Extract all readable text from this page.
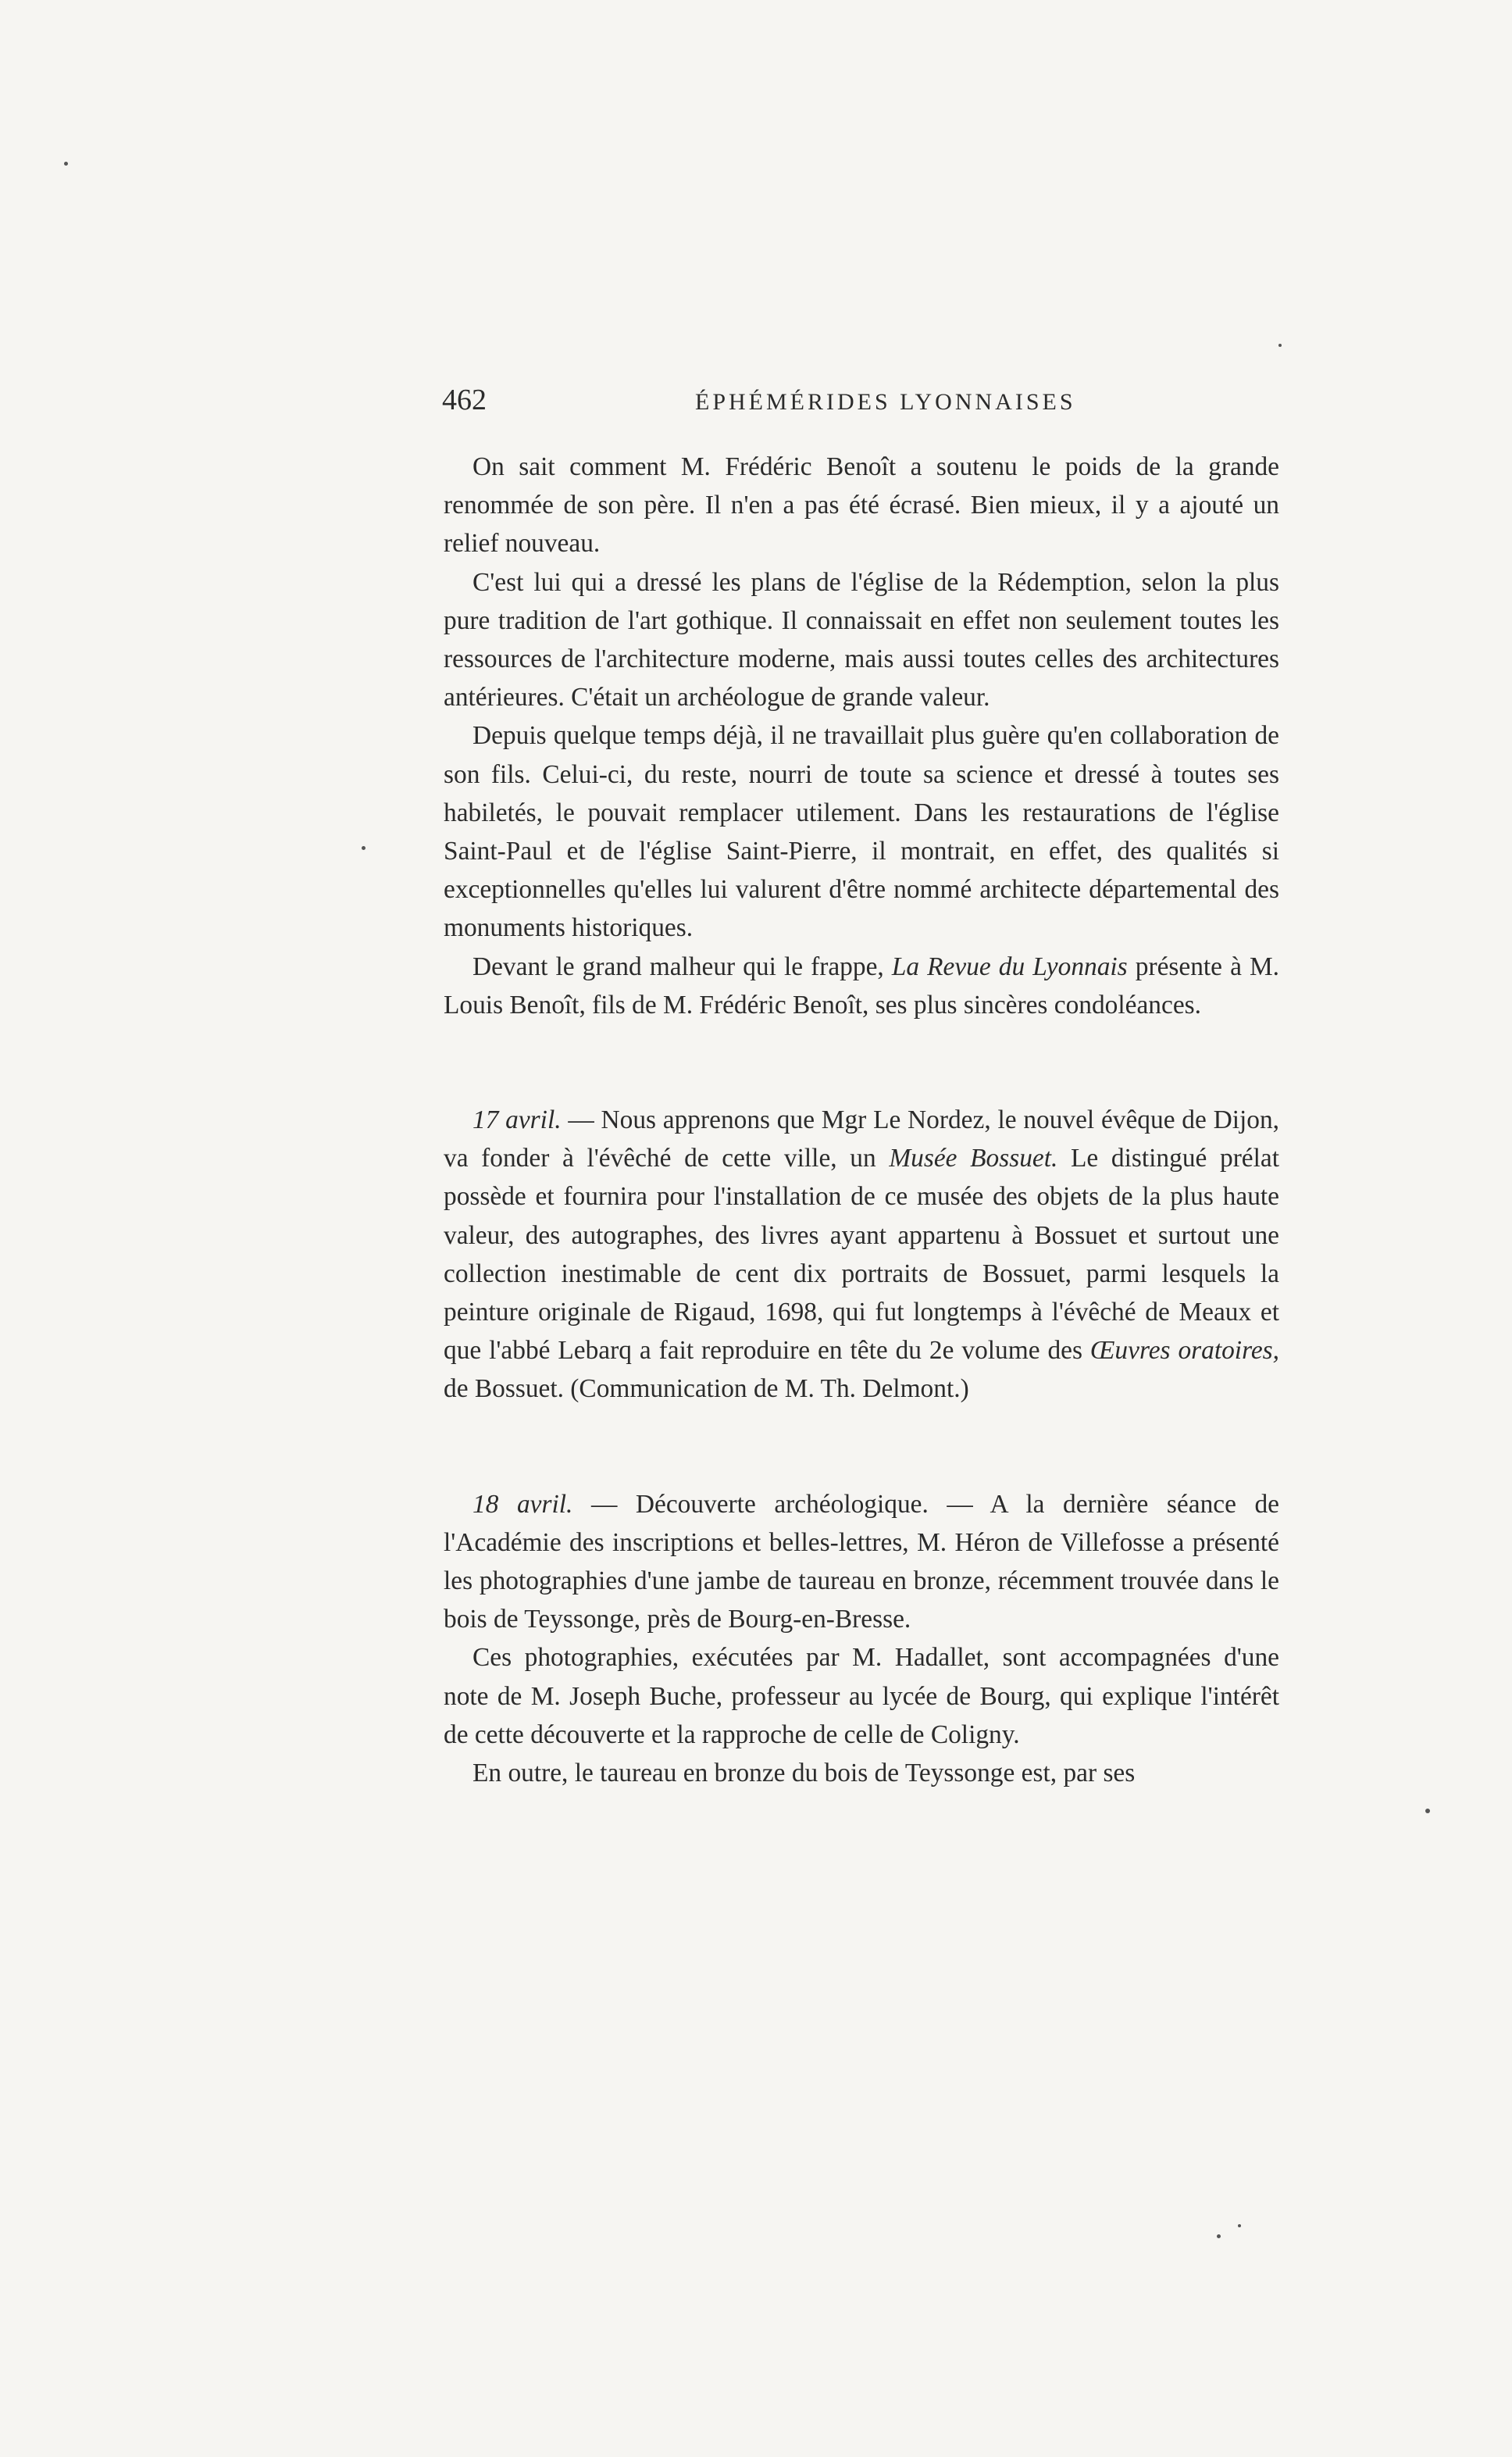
462	ÉPHÉMÉRIDES LYONNAISES

On sait comment M. Frédéric Benoît a soutenu le poids de la grande renommée de son père. Il n'en a pas été écrasé. Bien mieux, il y a ajouté un relief nouveau.

C'est lui qui a dressé les plans de l'église de la Rédemption, selon la plus pure tradition de l'art gothique. Il connaissait en effet non seulement toutes les ressources de l'architecture moderne, mais aussi toutes celles des architectures antérieures. C'était un archéologue de grande valeur.

Depuis quelque temps déjà, il ne travaillait plus guère qu'en collaboration de son fils. Celui-ci, du reste, nourri de toute sa science et dressé à toutes ses habiletés, le pouvait remplacer utilement. Dans les restaurations de l'église Saint-Paul et de l'église Saint-Pierre, il montrait, en effet, des qualités si exceptionnelles qu'elles lui valurent d'être nommé architecte départemental des monuments historiques.

Devant le grand malheur qui le frappe, La Revue du Lyonnais présente à M. Louis Benoît, fils de M. Frédéric Benoît, ses plus sincères condoléances.

17 avril. — Nous apprenons que Mgr Le Nordez, le nouvel évêque de Dijon, va fonder à l'évêché de cette ville, un Musée Bossuet. Le distingué prélat possède et fournira pour l'installation de ce musée des objets de la plus haute valeur, des autographes, des livres ayant appartenu à Bossuet et surtout une collection inestimable de cent dix portraits de Bossuet, parmi lesquels la peinture originale de Rigaud, 1698, qui fut longtemps à l'évêché de Meaux et que l'abbé Lebarq a fait reproduire en tête du 2e volume des Œuvres oratoires, de Bossuet. (Communication de M. Th. Delmont.)

18 avril. — Découverte archéologique. — A la dernière séance de l'Académie des inscriptions et belles-lettres, M. Héron de Villefosse a présenté les photographies d'une jambe de taureau en bronze, récemment trouvée dans le bois de Teyssonge, près de Bourg-en-Bresse.

Ces photographies, exécutées par M. Hadallet, sont accompagnées d'une note de M. Joseph Buche, professeur au lycée de Bourg, qui explique l'intérêt de cette découverte et la rapproche de celle de Coligny.

En outre, le taureau en bronze du bois de Teyssonge est, par ses
